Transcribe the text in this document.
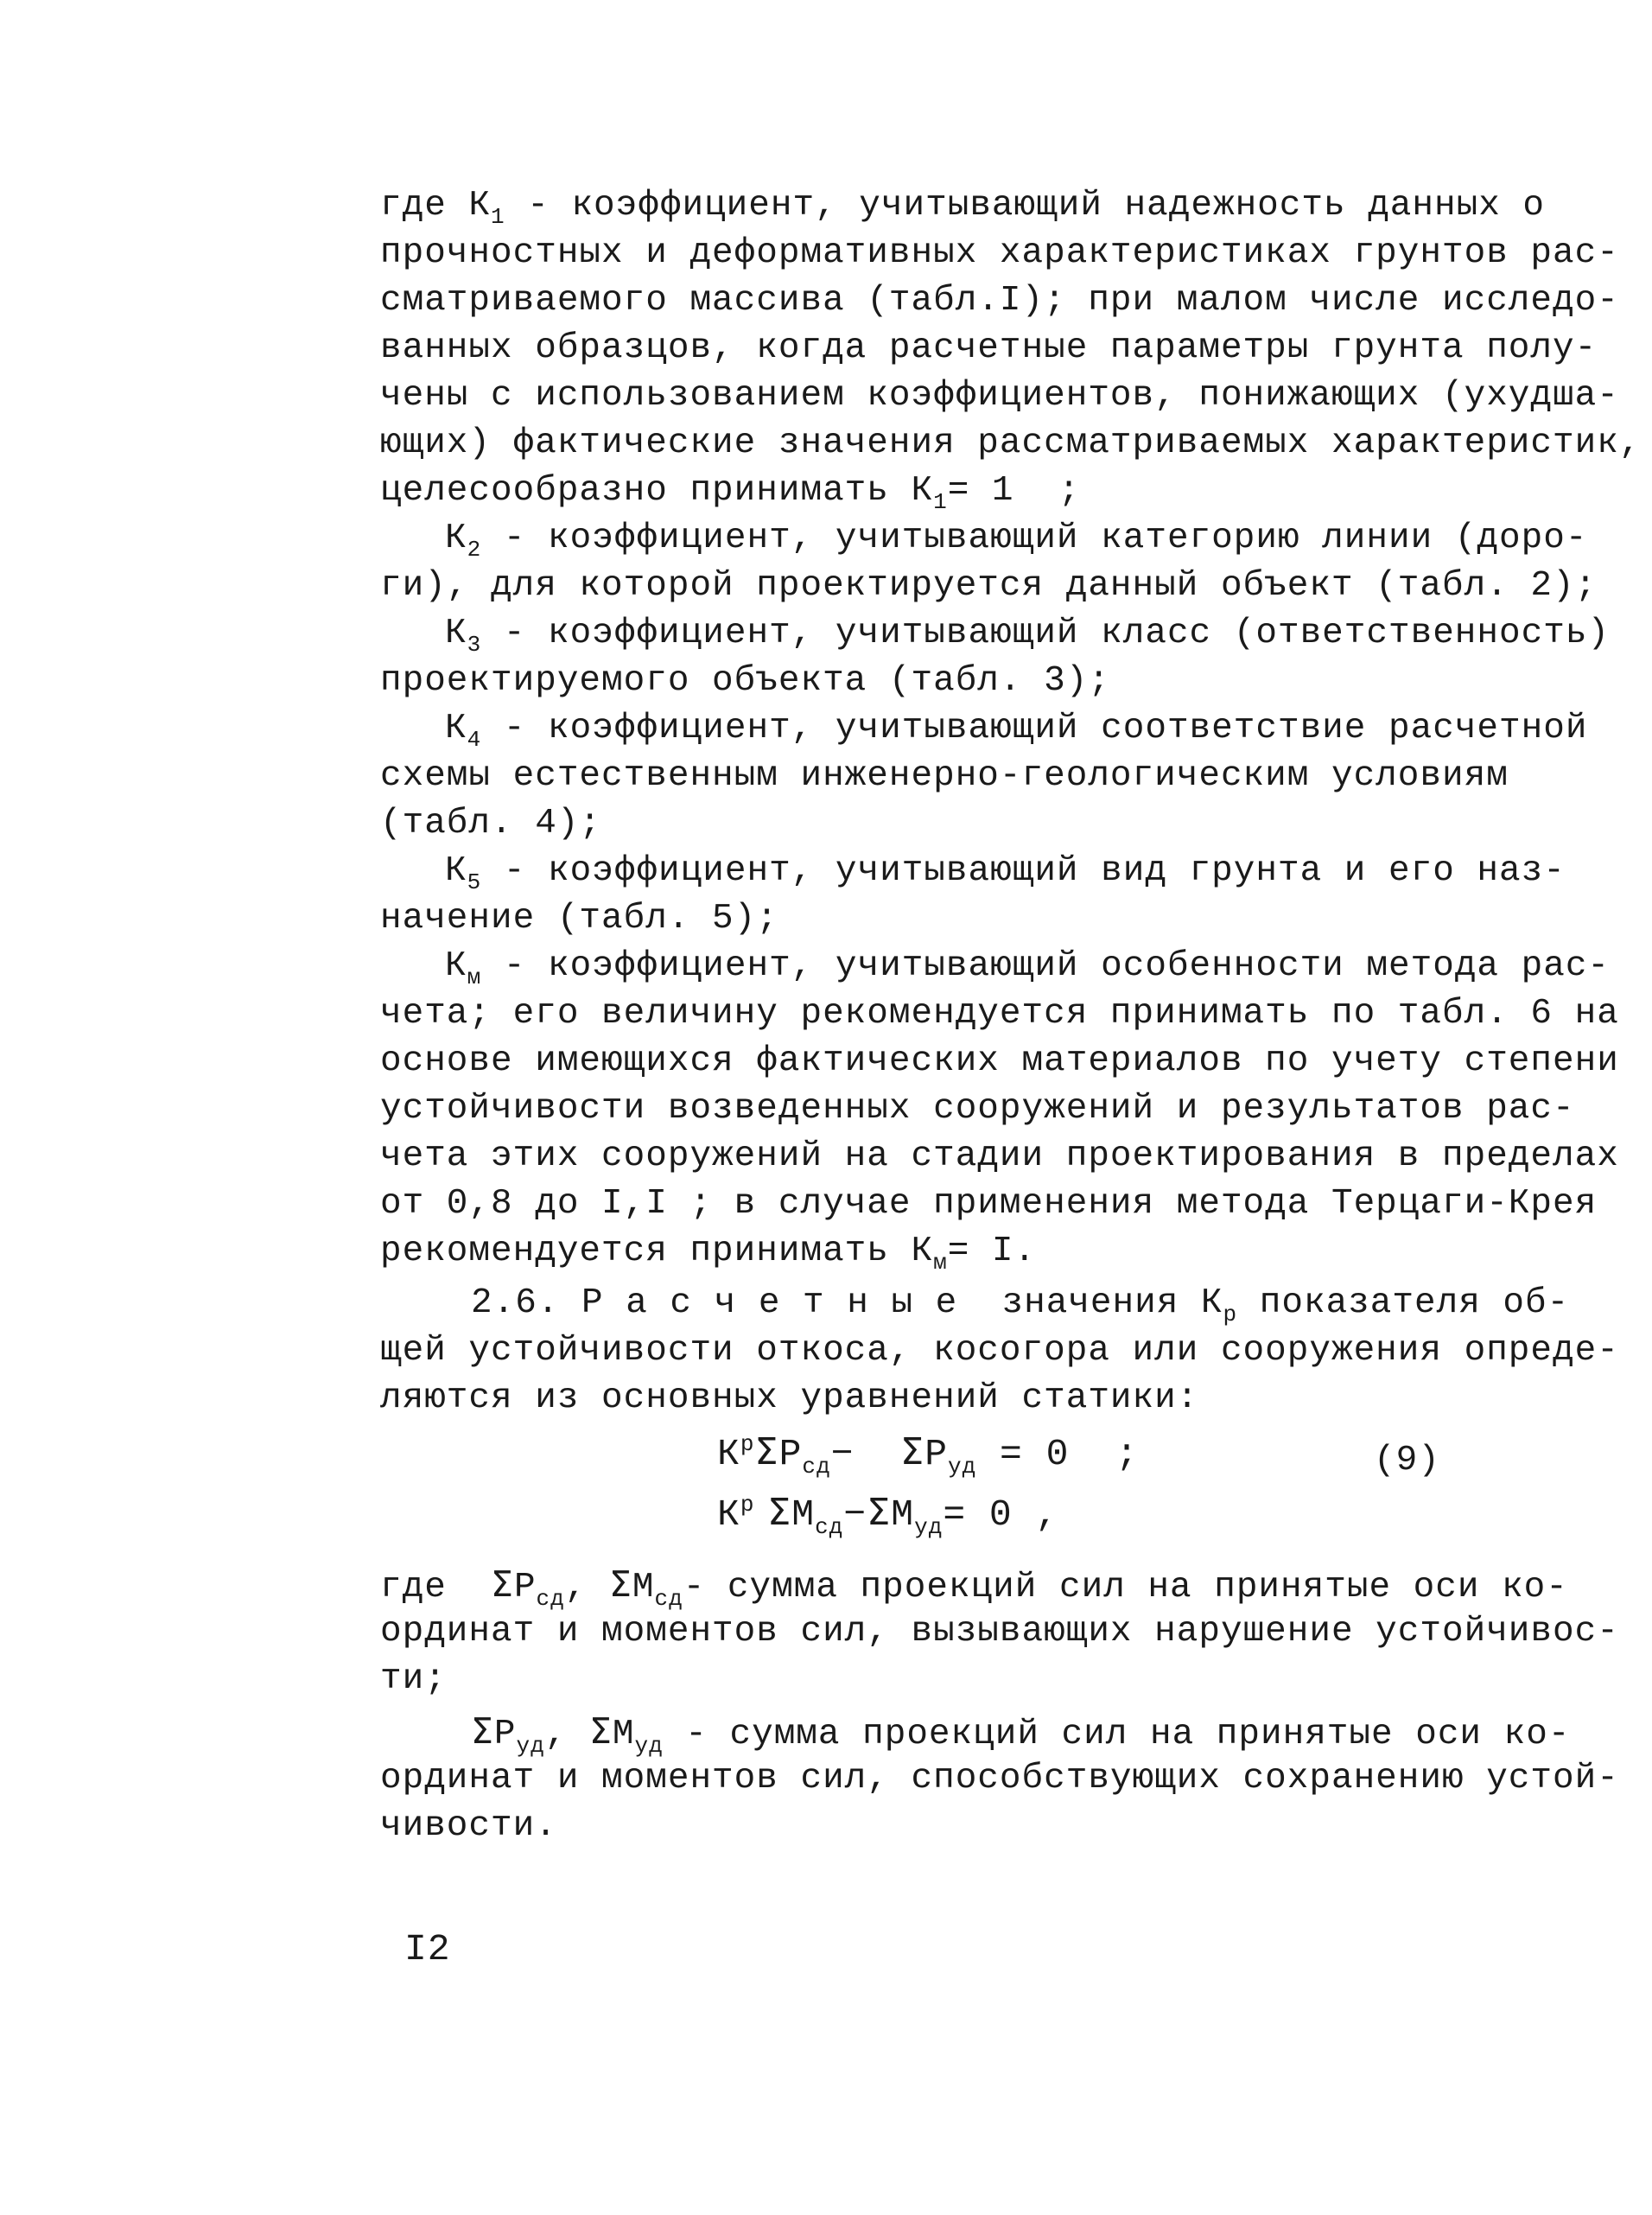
где $К_1$ - коэффициент, учитывающий надежность данных о
прочностных и деформативных характеристиках грунтов рас-
сматриваемого массива (табл.I); при малом числе исследо-
ванных образцов, когда расчетные параметры грунта полу-
чены с использованием коэффициентов, понижающих (ухудша-
ющих) фактические значения рассматриваемых характеристик,
целесообразно принимать $К_1= 1$  ;
$К_2$ - коэффициент, учитывающий категорию линии (доро-
ги), для которой проектируется данный объект (табл. 2);
$К_3$ - коэффициент, учитывающий класс (ответственность)
проектируемого объекта (табл. 3);
$К_4$ - коэффициент, учитывающий соответствие расчетной
схемы естественным инженерно-геологическим условиям
(табл. 4);
$К_5$ - коэффициент, учитывающий вид грунта и его наз-
начение (табл. 5);
$К_м$ - коэффициент, учитывающий особенности метода рас-
чета; его величину рекомендуется принимать по табл. 6 на
основе имеющихся фактических материалов по учету степени
устойчивости возведенных сооружений и результатов рас-
чета этих сооружений на стадии проектирования в пределах
от 0,8 до I,I ; в случае применения метода Терцаги-Крея
рекомендуется принимать $К_м= I$.
2.6. Р а с ч е т н ы е  значения $К_р$ показателя об-
щей устойчивости откоса, косогора или сооружения опреде-
ляются из основных уравнений статики:
$К^р\Sigma Р_{сд}- \Sigma Р_{уд} = 0$  ;
$К^р$ $\Sigma М_{сд}-\Sigma М_{уд}= 0$ ,
(9)
где  $\Sigma Р_{сд}$, $\Sigma М_{сд}-$ сумма проекций сил на принятые оси ко-
ординат и моментов сил, вызывающих нарушение устойчивос-
ти;
$\Sigma Р_{уд}$, $\Sigma М_{уд}$ - сумма проекций сил на принятые оси ко-
ординат и моментов сил, способствующих сохранению устой-
чивости.
I2
